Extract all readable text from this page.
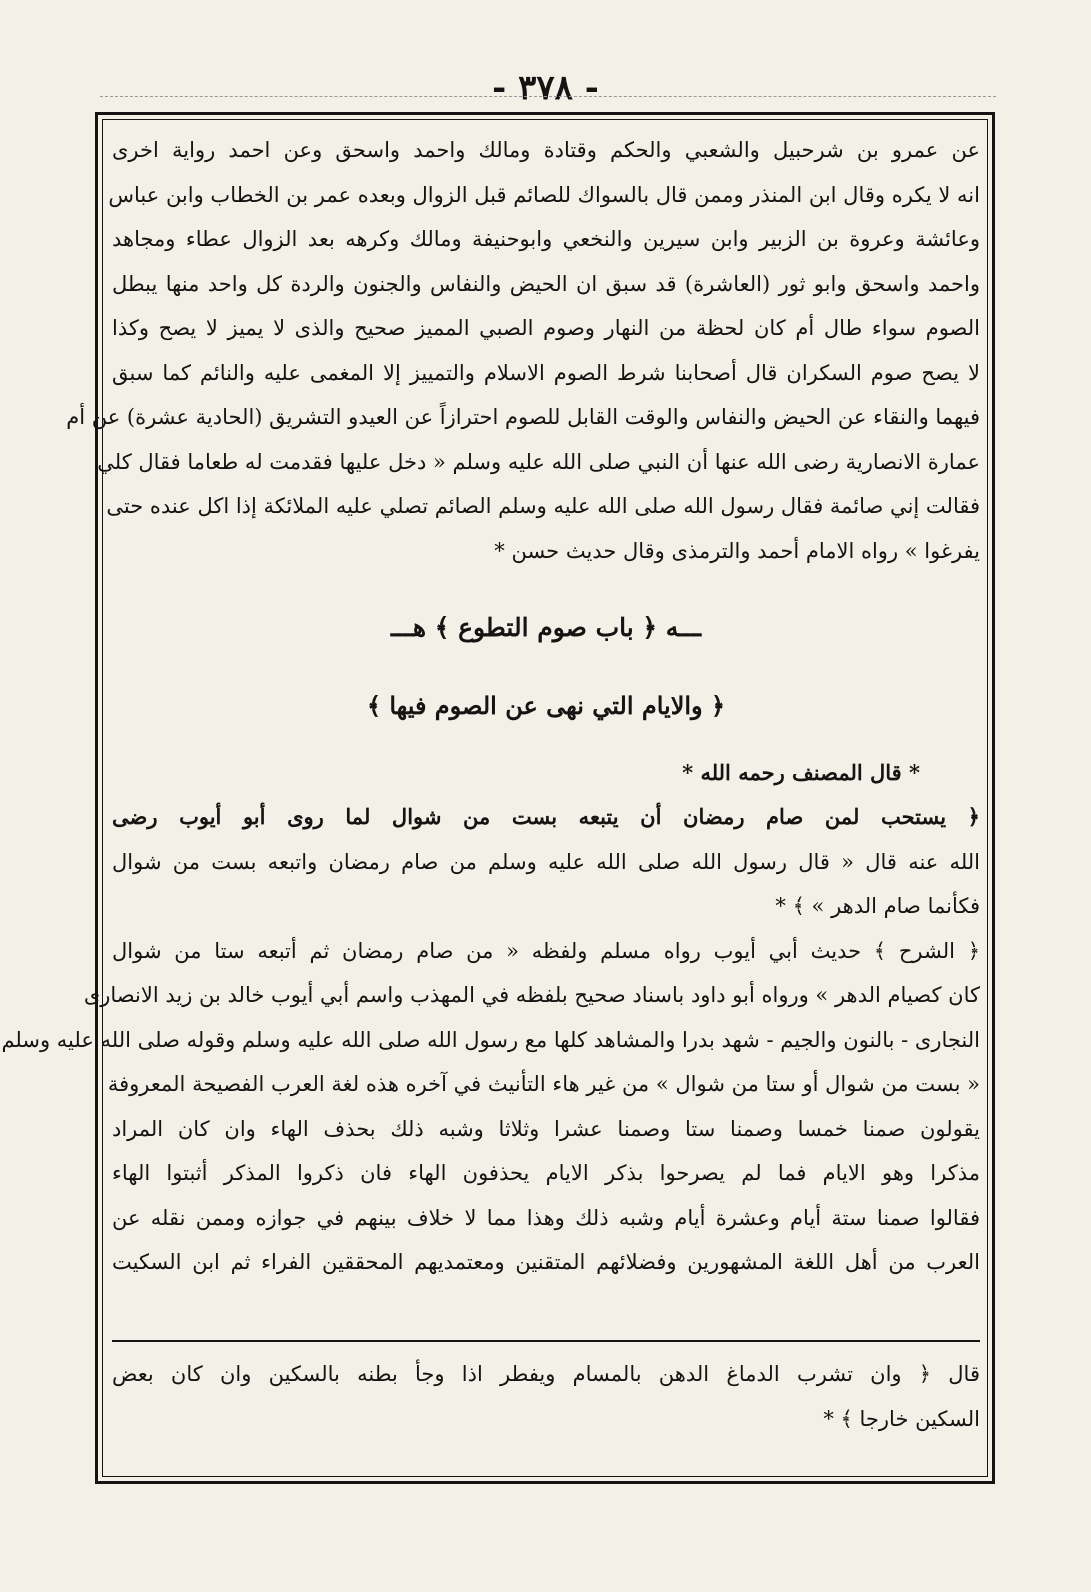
- ٣٧٨ -
عن عمرو بن شرحبيل والشعبي والحكم وقتادة ومالك واحمد واسحق وعن احمد رواية اخرى
انه لا يكره وقال ابن المنذر وممن قال بالسواك للصائم قبل الزوال وبعده عمر بن الخطاب وابن عباس
وعائشة وعروة بن الزبير وابن سيرين والنخعي وابوحنيفة ومالك وكرهه بعد الزوال عطاء ومجاهد
واحمد واسحق وابو ثور (العاشرة) قد سبق ان الحيض والنفاس والجنون والردة كل واحد منها يبطل
الصوم سواء طال أم كان لحظة من النهار وصوم الصبي المميز صحيح والذى لا يميز لا يصح وكذا
لا يصح صوم السكران قال أصحابنا شرط الصوم الاسلام والتمييز إلا المغمى عليه والنائم كما سبق
فيهما والنقاء عن الحيض والنفاس والوقت القابل للصوم احترازاً عن العيدو التشريق (الحادية عشرة) عن أم
عمارة الانصارية رضى الله عنها أن النبي صلى الله عليه وسلم « دخل عليها فقدمت له طعاما فقال كلي
فقالت إني صائمة فقال رسول الله صلى الله عليه وسلم الصائم تصلي عليه الملائكة إذا اكل عنده حتى
يفرغوا » رواه الامام أحمد والترمذى وقال حديث حسن *
ـــه ﴿ باب صوم التطوع ﴾ ه‍ـــ
﴿ والايام التي نهى عن الصوم فيها ﴾
* قال المصنف رحمه الله *
﴿ يستحب لمن صام رمضان أن يتبعه بست من شوال لما روى أبو أيوب رضى
الله عنه قال « قال رسول الله صلى الله عليه وسلم من صام رمضان واتبعه بست من شوال
فكأنما صام الدهر » ﴾ *
﴿ الشرح ﴾ حديث أبي أيوب رواه مسلم ولفظه « من صام رمضان ثم أتبعه ستا من شوال
كان كصيام الدهر » ورواه أبو داود باسناد صحيح بلفظه في المهذب واسم أبي أيوب خالد بن زيد الانصارى
النجارى - بالنون والجيم - شهد بدرا والمشاهد كلها مع رسول الله صلى الله عليه وسلم وقوله صلى الله عليه وسلم
« بست من شوال أو ستا من شوال » من غير هاء التأنيث في آخره هذه لغة العرب الفصيحة المعروفة
يقولون صمنا خمسا وصمنا ستا وصمنا عشرا وثلاثا وشبه ذلك بحذف الهاء وان كان المراد
مذكرا وهو الايام فما لم يصرحوا بذكر الايام يحذفون الهاء فان ذكروا المذكر أثبتوا الهاء
فقالوا صمنا ستة أيام وعشرة أيام وشبه ذلك وهذا مما لا خلاف بينهم في جوازه وممن نقله عن
العرب من أهل اللغة المشهورين وفضلائهم المتقنين ومعتمديهم المحققين الفراء ثم ابن السكيت
قال ﴿ وان تشرب الدماغ الدهن بالمسام ويفطر اذا وجأ بطنه بالسكين وان كان بعض
السكين خارجا ﴾ *
